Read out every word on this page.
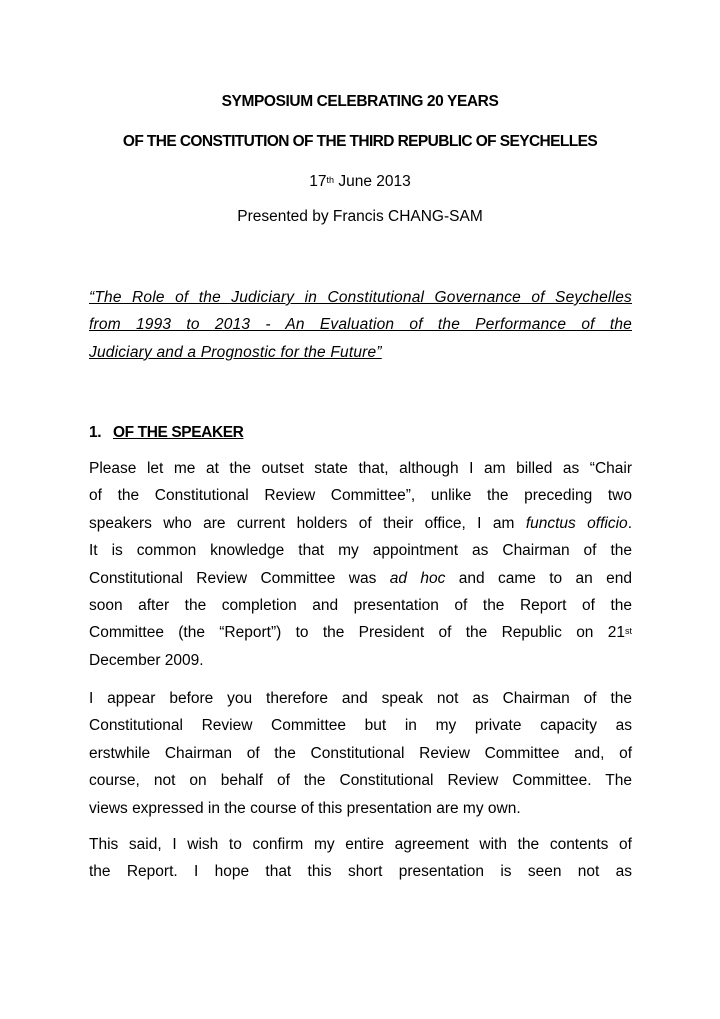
SYMPOSIUM CELEBRATING 20 YEARS
OF THE CONSTITUTION OF THE THIRD REPUBLIC OF SEYCHELLES
17th June 2013
Presented by Francis CHANG-SAM
“The Role of the Judiciary in Constitutional Governance of Seychelles
from 1993 to 2013 - An Evaluation of the Performance of the
Judiciary and a Prognostic for the Future”
1. OF THE SPEAKER
Please let me at the outset state that, although I am billed as “Chair
of the Constitutional Review Committee”, unlike the preceding two
speakers who are current holders of their office, I am functus officio.
It is common knowledge that my appointment as Chairman of the
Constitutional Review Committee was ad hoc and came to an end
soon after the completion and presentation of the Report of the
Committee (the “Report”) to the President of the Republic on 21st
December 2009.
I appear before you therefore and speak not as Chairman of the
Constitutional Review Committee but in my private capacity as
erstwhile Chairman of the Constitutional Review Committee and, of
course, not on behalf of the Constitutional Review Committee. The
views expressed in the course of this presentation are my own.
This said, I wish to confirm my entire agreement with the contents of
the Report. I hope that this short presentation is seen not as
